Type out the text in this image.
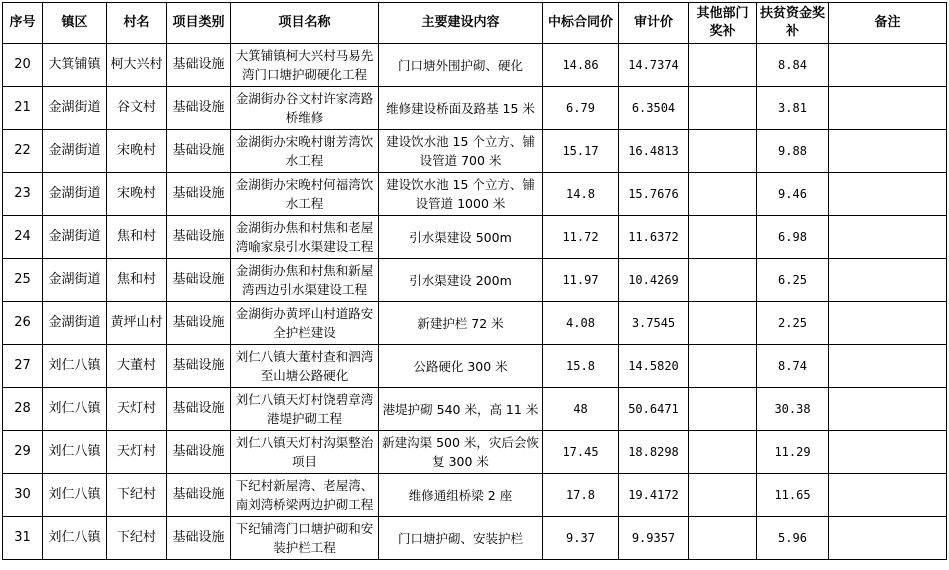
序号	镇区	村名	项目类别	项目名称	主要建设内容	中标合同价	审计价	其他部门奖补	扶贫资金奖补	备注
20	大箕铺镇	柯大兴村	基础设施	大箕铺镇柯大兴村马易先湾门口塘护砌硬化工程	门口塘外围护砌、硬化	14.86	14.7374		8.84	
21	金湖街道	谷文村	基础设施	金湖街办谷文村许家湾路桥维修	维修建设桥面及路基 15 米	6.79	6.3504		3.81	
22	金湖街道	宋晚村	基础设施	金湖街办宋晚村谢芳湾饮水工程	建设饮水池 15 个立方、铺设管道 700 米	15.17	16.4813		9.88	
23	金湖街道	宋晚村	基础设施	金湖街办宋晚村何福湾饮水工程	建设饮水池 15 个立方、铺设管道 1000 米	14.8	15.7676		9.46	
24	金湖街道	焦和村	基础设施	金湖街办焦和村焦和老屋湾喻家泉引水渠建设工程	引水渠建设 500m	11.72	11.6372		6.98	
25	金湖街道	焦和村	基础设施	金湖街办焦和村焦和新屋湾西边引水渠建设工程	引水渠建设 200m	11.97	10.4269		6.25	
26	金湖街道	黄坪山村	基础设施	金湖街办黄坪山村道路安全护栏建设	新建护栏 72 米	4.08	3.7545		2.25	
27	刘仁八镇	大董村	基础设施	刘仁八镇大董村查和泗湾至山塘公路硬化	公路硬化 300 米	15.8	14.5820		8.74	
28	刘仁八镇	天灯村	基础设施	刘仁八镇天灯村饶碧章湾港堤护砌工程	港堤护砌 540 米，高 11 米	48	50.6471		30.38	
29	刘仁八镇	天灯村	基础设施	刘仁八镇天灯村沟渠整治项目	新建沟渠 500 米，灾后会恢复 300 米	17.45	18.8298		11.29	
30	刘仁八镇	下纪村	基础设施	下纪村新屋湾、老屋湾、南刘湾桥梁两边护砌工程	维修通组桥梁 2 座	17.8	19.4172		11.65	
31	刘仁八镇	下纪村	基础设施	下纪铺湾门口塘护砌和安装护栏工程	门口塘护砌、安装护栏	9.37	9.9357		5.96	
